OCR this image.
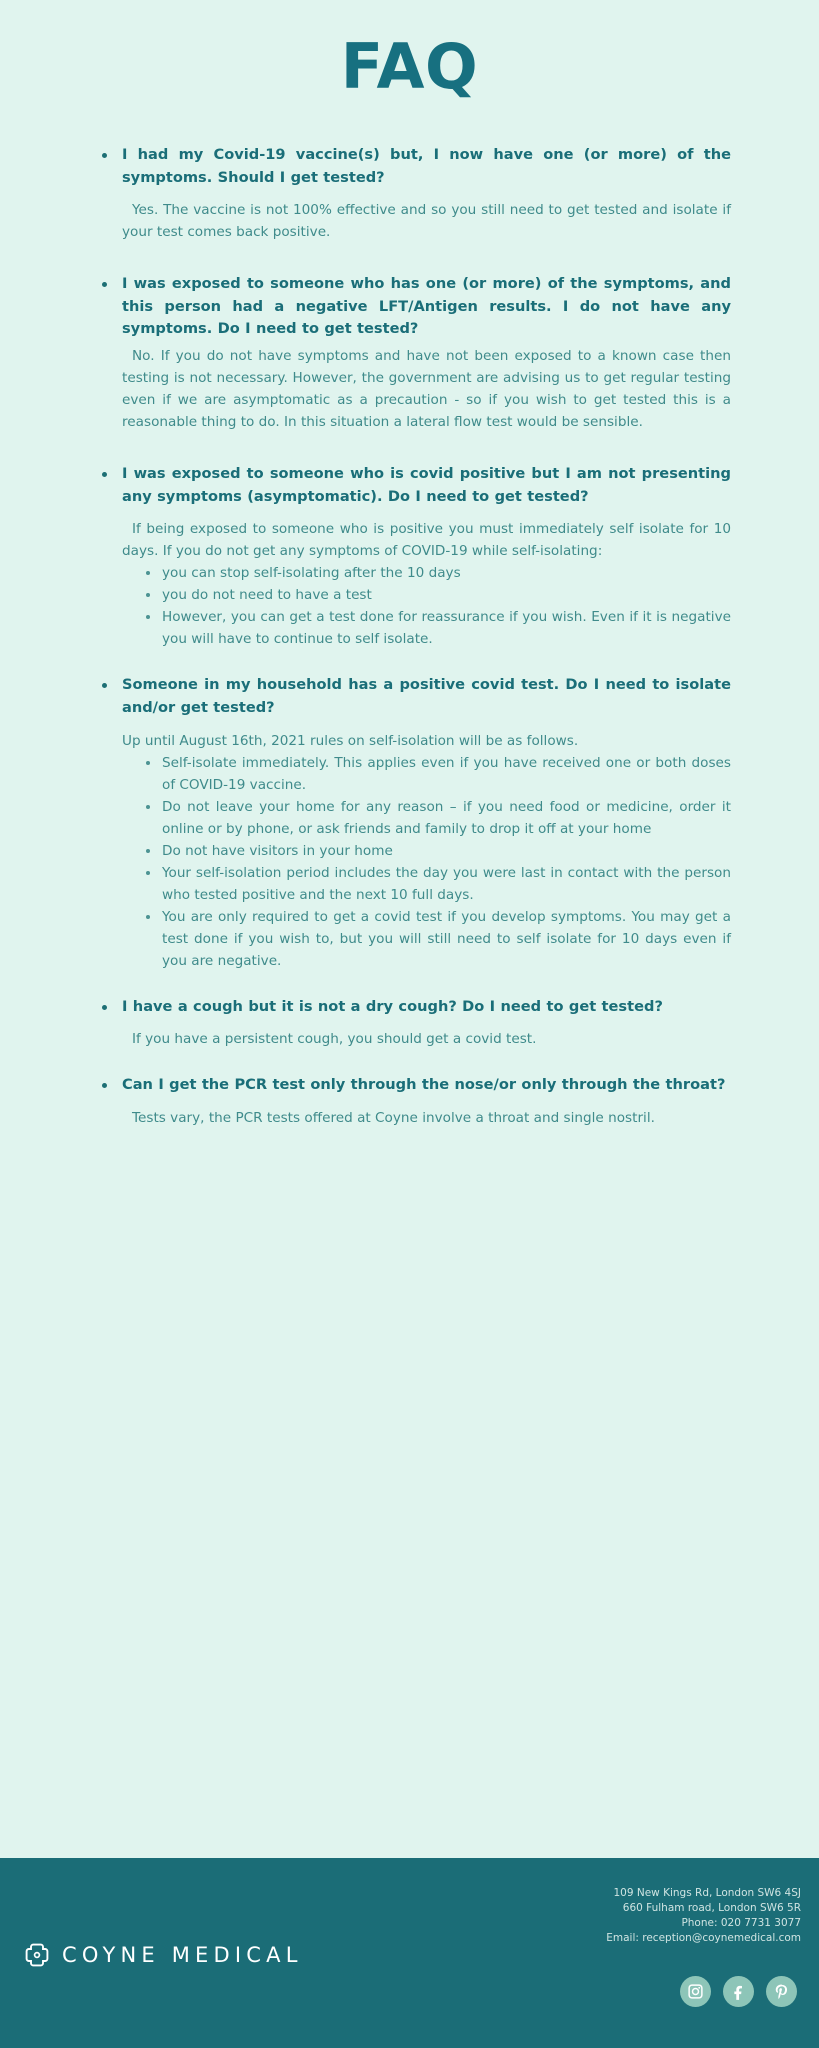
FAQ

I had my Covid-19 vaccine(s) but, I now have one (or more) of the symptoms. Should I get tested?

Yes. The vaccine is not 100% effective and so you still need to get tested and isolate if your test comes back positive.

I was exposed to someone who has one (or more) of the symptoms, and this person had a negative LFT/Antigen results. I do not have any symptoms. Do I need to get tested?

No. If you do not have symptoms and have not been exposed to a known case then testing is not necessary. However, the government are advising us to get regular testing even if we are asymptomatic as a precaution - so if you wish to get tested this is a reasonable thing to do. In this situation a lateral flow test would be sensible.

I was exposed to someone who is covid positive but I am not presenting any symptoms (asymptomatic). Do I need to get tested?

If being exposed to someone who is positive you must immediately self isolate for 10 days. If you do not get any symptoms of COVID-19 while self-isolating:

you can stop self-isolating after the 10 days
you do not need to have a test
However, you can get a test done for reassurance if you wish. Even if it is negative you will have to continue to self isolate.

Someone in my household has a positive covid test. Do I need to isolate and/or get tested?

Up until August 16th, 2021 rules on self-isolation will be as follows.

Self-isolate immediately. This applies even if you have received one or both doses of COVID-19 vaccine.
Do not leave your home for any reason – if you need food or medicine, order it online or by phone, or ask friends and family to drop it off at your home
Do not have visitors in your home
Your self-isolation period includes the day you were last in contact with the person who tested positive and the next 10 full days.
You are only required to get a covid test if you develop symptoms. You may get a test done if you wish to, but you will still need to self isolate for 10 days even if you are negative.

I have a cough but it is not a dry cough? Do I need to get tested?

If you have a persistent cough, you should get a covid test.

Can I get the PCR test only through the nose/or only through the throat?

Tests vary, the PCR tests offered at Coyne involve a throat and single nostril.

COYNE MEDICAL
109 New Kings Rd, London SW6 4SJ
660 Fulham road, London SW6 5R
Phone: 020 7731 3077
Email: reception@coynemedical.com
